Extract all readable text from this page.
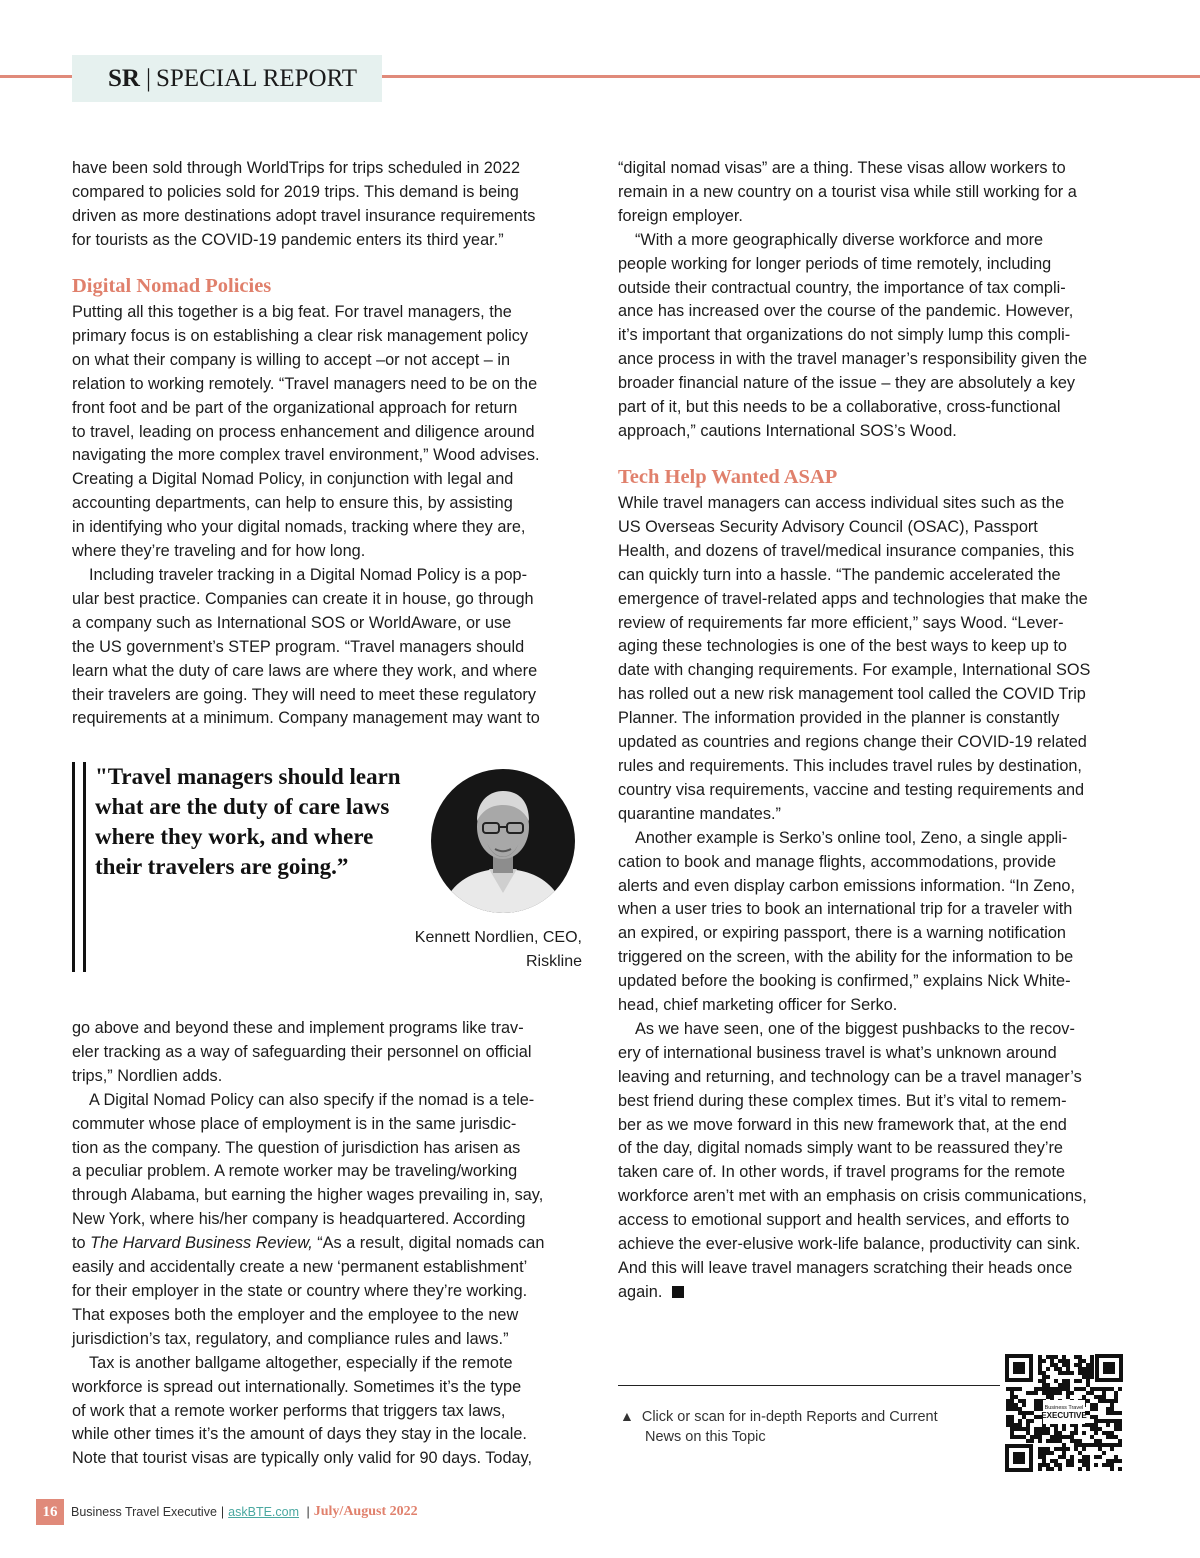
SR | SPECIAL REPORT
have been sold through WorldTrips for trips scheduled in 2022
compared to policies sold for 2019 trips. This demand is being
driven as more destinations adopt travel insurance requirements
for tourists as the COVID-19 pandemic enters its third year.”
Digital Nomad Policies
Putting all this together is a big feat. For travel managers, the
primary focus is on establishing a clear risk management policy
on what their company is willing to accept –or not accept – in
relation to working remotely. “Travel managers need to be on the
front foot and be part of the organizational approach for return
to travel, leading on process enhancement and diligence around
navigating the more complex travel environment,” Wood advises.
Creating a Digital Nomad Policy, in conjunction with legal and
accounting departments, can help to ensure this, by assisting
in identifying who your digital nomads, tracking where they are,
where they’re traveling and for how long.
Including traveler tracking in a Digital Nomad Policy is a pop-
ular best practice. Companies can create it in house, go through
a company such as International SOS or WorldAware, or use
the US government’s STEP program. “Travel managers should
learn what the duty of care laws are where they work, and where
their travelers are going. They will need to meet these regulatory
requirements at a minimum. Company management may want to
"Travel managers should learn
what are the duty of care laws
where they work, and where
their travelers are going.”
Kennett Nordlien, CEO,
Riskline
go above and beyond these and implement programs like trav-
eler tracking as a way of safeguarding their personnel on official
trips,” Nordlien adds.
A Digital Nomad Policy can also specify if the nomad is a tele-
commuter whose place of employment is in the same jurisdic-
tion as the company. The question of jurisdiction has arisen as
a peculiar problem. A remote worker may be traveling/working
through Alabama, but earning the higher wages prevailing in, say,
New York, where his/her company is headquartered. According
to The Harvard Business Review, “As a result, digital nomads can
easily and accidentally create a new ‘permanent establishment’
for their employer in the state or country where they’re working.
That exposes both the employer and the employee to the new
jurisdiction’s tax, regulatory, and compliance rules and laws.”
Tax is another ballgame altogether, especially if the remote
workforce is spread out internationally. Sometimes it’s the type
of work that a remote worker performs that triggers tax laws,
while other times it’s the amount of days they stay in the locale.
Note that tourist visas are typically only valid for 90 days. Today,
“digital nomad visas” are a thing. These visas allow workers to
remain in a new country on a tourist visa while still working for a
foreign employer.
“With a more geographically diverse workforce and more
people working for longer periods of time remotely, including
outside their contractual country, the importance of tax compli-
ance has increased over the course of the pandemic. However,
it’s important that organizations do not simply lump this compli-
ance process in with the travel manager’s responsibility given the
broader financial nature of the issue – they are absolutely a key
part of it, but this needs to be a collaborative, cross-functional
approach,” cautions International SOS’s Wood.
Tech Help Wanted ASAP
While travel managers can access individual sites such as the
US Overseas Security Advisory Council (OSAC), Passport
Health, and dozens of travel/medical insurance companies, this
can quickly turn into a hassle. “The pandemic accelerated the
emergence of travel-related apps and technologies that make the
review of requirements far more efficient,” says Wood. “Lever-
aging these technologies is one of the best ways to keep up to
date with changing requirements. For example, International SOS
has rolled out a new risk management tool called the COVID Trip
Planner. The information provided in the planner is constantly
updated as countries and regions change their COVID-19 related
rules and requirements. This includes travel rules by destination,
country visa requirements, vaccine and testing requirements and
quarantine mandates.”
Another example is Serko’s online tool, Zeno, a single appli-
cation to book and manage flights, accommodations, provide
alerts and even display carbon emissions information. “In Zeno,
when a user tries to book an international trip for a traveler with
an expired, or expiring passport, there is a warning notification
triggered on the screen, with the ability for the information to be
updated before the booking is confirmed,” explains Nick White-
head, chief marketing officer for Serko.
As we have seen, one of the biggest pushbacks to the recov-
ery of international business travel is what’s unknown around
leaving and returning, and technology can be a travel manager’s
best friend during these complex times. But it’s vital to remem-
ber as we move forward in this new framework that, at the end
of the day, digital nomads simply want to be reassured they’re
taken care of. In other words, if travel programs for the remote
workforce aren’t met with an emphasis on crisis communications,
access to emotional support and health services, and efforts to
achieve the ever-elusive work-life balance, productivity can sink.
And this will leave travel managers scratching their heads once
again.
▲ Click or scan for in-depth Reports and Current
News on this Topic
Business Travel
EXECUTIVE
16	Business Travel Executive | askBTE.com | July/August 2022
